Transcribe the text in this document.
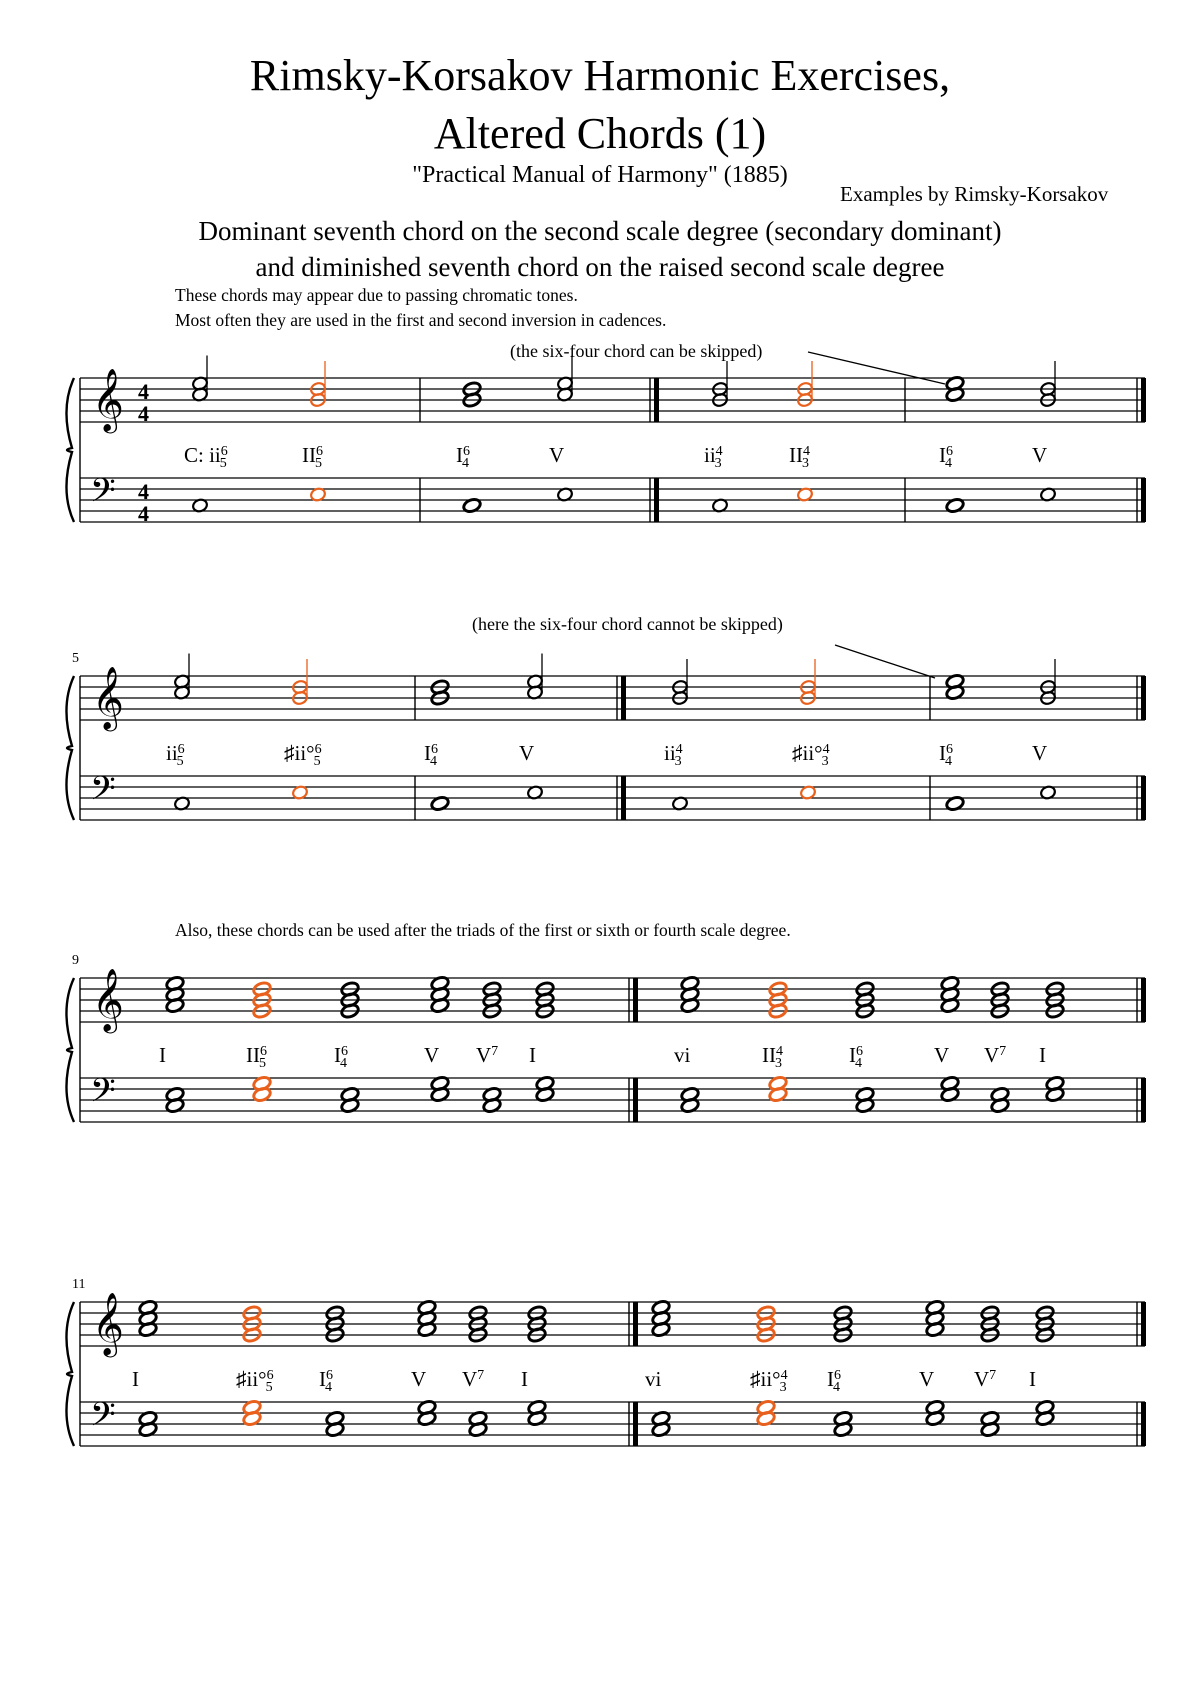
Rimsky-Korsakov Harmonic Exercises,
Altered Chords (1)
"Practical Manual of Harmony" (1885)
Examples by Rimsky-Korsakov
Dominant seventh chord on the second scale degree (secondary dominant)
and diminished seventh chord on the raised second scale degree
These chords may appear due to passing chromatic tones.
Most often they are used in the first and second inversion in cadences.
Also, these chords can be used after the triads of the first or sixth or fourth scale degree.
(the six-four chord can be skipped)
(here the six-four chord cannot be skipped)
𝄞
𝄢
4
4
4
4
C: $ii^6$ 5	$II^6$ 5	$I^6$ 4	V	$ii^4$ 3	$II^4$ 3	$I^6$ 4	V
𝄞
𝄢
5
$ii^6$ 5	♯ii°$^6$ 5	$I^6$ 4	V	$ii^4$ 3	♯ii°$^4$ 3	$I^6$ 4	V
𝄞
𝄢
9
I	$II^6$ 5	$I^6$ 4	V $V^7$ I	vi	$II^4$ 3	$I^6$ 4	V $V^7$ I
𝄞
𝄢
11
I	♯ii°$^6$ 5 $I^6$ 4	V $V^7$ I	vi	♯ii°$^4$ 3 $I^6$ 4	V $V^7$ I
